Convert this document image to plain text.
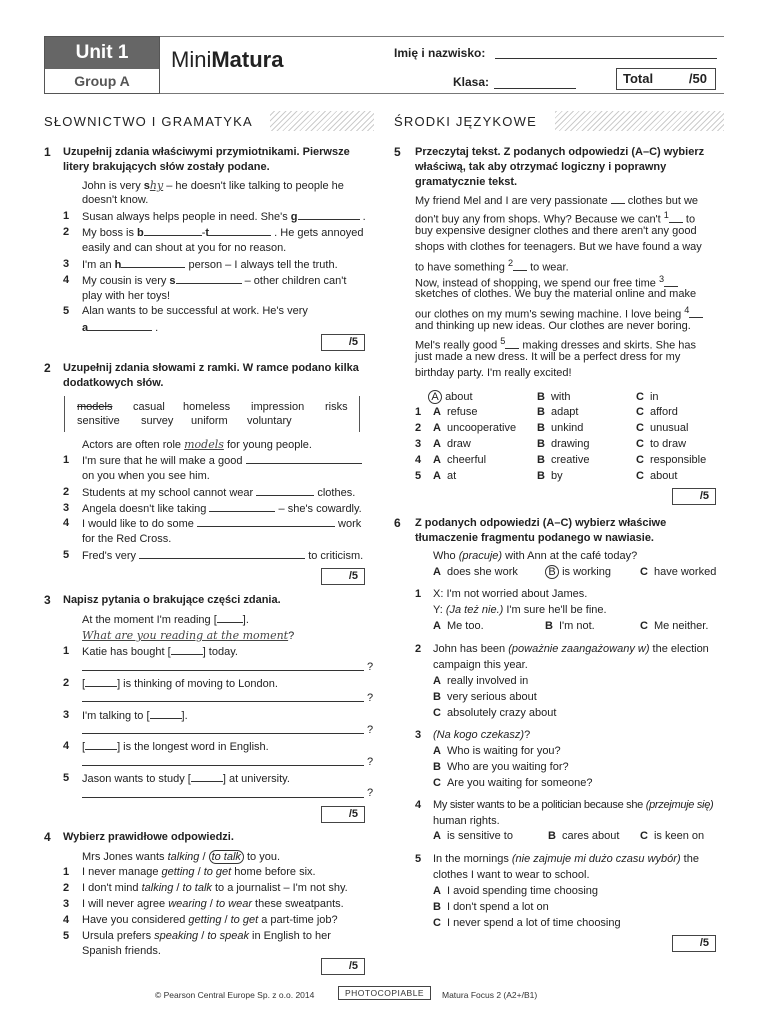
Unit 1
Group A
MiniMatura	Imię i nazwisko:
Klasa:	Total	/50
SŁOWNICTWO I GRAMATYKA	ŚRODKI JĘZYKOWE
1 Uzupełnij zdania właściwymi przymiotnikami. Pierwsze
litery brakujących słów zostały podane.
John is very shy – he doesn't like talking to people he
doesn't know.
1 Susan always helps people in need. She's g	.
2 My boss is b	-t	. He gets annoyed
easily and can shout at you for no reason.
3 I'm an h	person – I always tell the truth.
4 My cousin is very s	– other children can't
play with her toys!
5 Alan wants to be successful at work. He's very
a	.
/5
2 Uzupełnij zdania słowami z ramki. W ramce podano kilka
dodatkowych słów.
models casual homeless impression risks
sensitive survey uniform voluntary
Actors are often role models for young people.
1 I'm sure that he will make a good
on you when you see him.
2 Students at my school cannot wear	clothes.
3 Angela doesn't like taking	– she's cowardly.
4 I would like to do some	work
for the Red Cross.
5 Fred's very	to criticism.
/5
3 Napisz pytania o brakujące części zdania.
At the moment I'm reading [ ].
What are you reading at the moment?
1 Katie has bought [	] today.
?
2 [	] is thinking of moving to London.
?
3 I'm talking to [	].
?
4 [	] is the longest word in English.
?
5 Jason wants to study [	] at university.
?
/5
4 Wybierz prawidłowe odpowiedzi.
Mrs Jones wants talking / to talk to you.
1 I never manage getting / to get home before six.
2 I don't mind talking / to talk to a journalist – I'm not shy.
3 I will never agree wearing / to wear these sweatpants.
4 Have you considered getting / to get a part-time job?
5 Ursula prefers speaking / to speak in English to her
Spanish friends.
/5
5 Przeczytaj tekst. Z podanych odpowiedzi (A–C) wybierz
właściwą, tak aby otrzymać logiczny i poprawny
gramatycznie tekst.
My friend Mel and I are very passionate  clothes but we
don't buy any from shops. Why? Because we can't $^1$ to
buy expensive designer clothes and there aren't any good
shops with clothes for teenagers. But we have found a way
to have something $^2$ to wear.
Now, instead of shopping, we spend our free time $^3$
sketches of clothes. We buy the material online and make
our clothes on my mum's sewing machine. I love being $^4$
and thinking up new ideas. Our clothes are never boring.
Mel's really good $^5$ making dresses and skirts. She has
just made a new dress. It will be a perfect dress for my
birthday party. I'm really excited!
A about	B with	C in
1 A refuse	B adapt	C afford
2 A uncooperative B unkind	C unusual
3 A draw	B drawing	C to draw
4 A cheerful	B creative	C responsible
5 A at	B by	C about
/5
6 Z podanych odpowiedzi (A–C) wybierz właściwe
tłumaczenie fragmentu podanego w nawiasie.
Who (pracuje) with Ann at the café today?
A does she work	B is working	C have worked
1 X: I'm not worried about James.
Y: (Ja też nie.) I'm sure he'll be fine.
A Me too.	B I'm not.	C Me neither.
2 John has been (poważnie zaangażowany w) the election
campaign this year.
A really involved in
B very serious about
C absolutely crazy about
3 (Na kogo czekasz)?
A Who is waiting for you?
B Who are you waiting for?
C Are you waiting for someone?
4 My sister wants to be a politician because she (przejmuje się)
human rights.
A is sensitive to	B cares about C is keen on
5 In the mornings (nie zajmuje mi dużo czasu wybór) the
clothes I want to wear to school.
A I avoid spending time choosing
B I don't spend a lot on
C I never spend a lot of time choosing
/5
© Pearson Central Europe Sp. z o.o. 2014	PHOTOCOPIABLE	Matura Focus 2 (A2+/B1)
